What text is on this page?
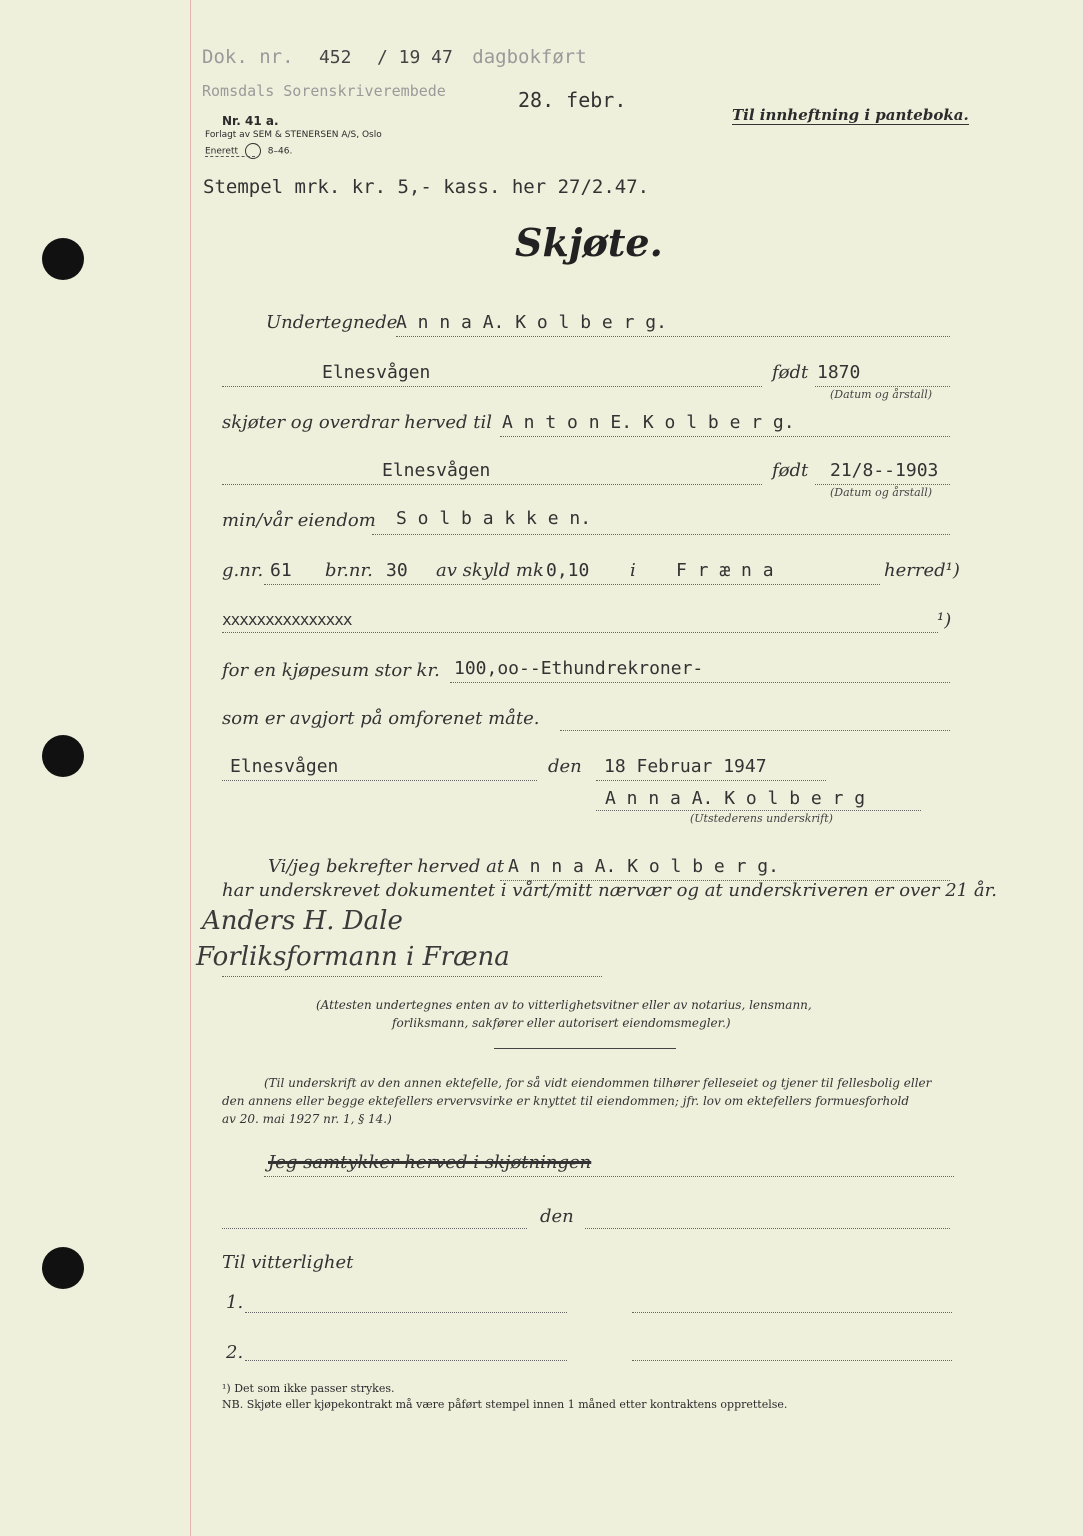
Dok. nr. 452 / 19 47 dagbokført
Romsdals Sorenskriverembede	28. febr.
Nr. 41 a.
Forlagt av SEM & STENERSEN A/S, Oslo
Enerett	8–46.
Til innheftning i panteboka.
Stempel mrk. kr. 5,- kass. her 27/2.47.
Skjøte.
Undertegnede
A n n a A. K o l b e r g.
Elnesvågen	født 1870
(Datum og årstall)
skjøter og overdrar herved til A n t o n E. K o l b e r g.
Elnesvågen	født 21/8--1903
(Datum og årstall)
min/vår eiendom S o l b a k k e n.
g.nr. 61 br.nr. 30 av skyld mk 0,10 i F r æ n a	herred¹)
xxxxxxxxxxxxxxx	¹)
for en kjøpesum stor kr. 100,oo--Ethundrekroner-
som er avgjort på omforenet måte.
Elnesvågen	den 18 Februar 1947
A n n a A. K o l b e r g
(Utstederens underskrift)
Vi/jeg bekrefter herved at A n n a A. K o l b e r g.
har underskrevet dokumentet i vårt/mitt nærvær og at underskriveren er over 21 år.
Anders H. Dale
Forliksformann i Fræna
(Attesten undertegnes enten av to vitterlighetsvitner eller av notarius, lensmann,
forliksmann, sakfører eller autorisert eiendomsmegler.)
(Til underskrift av den annen ektefelle, for så vidt eiendommen tilhører felleseiet og tjener til fellesbolig eller
den annens eller begge ektefellers ervervsvirke er knyttet til eiendommen; jfr. lov om ektefellers formuesforhold
av 20. mai 1927 nr. 1, § 14.)
Jeg samtykker herved i skjøtningen
den
Til vitterlighet
1.
2.
¹) Det som ikke passer strykes.
NB. Skjøte eller kjøpekontrakt må være påført stempel innen 1 måned etter kontraktens opprettelse.
